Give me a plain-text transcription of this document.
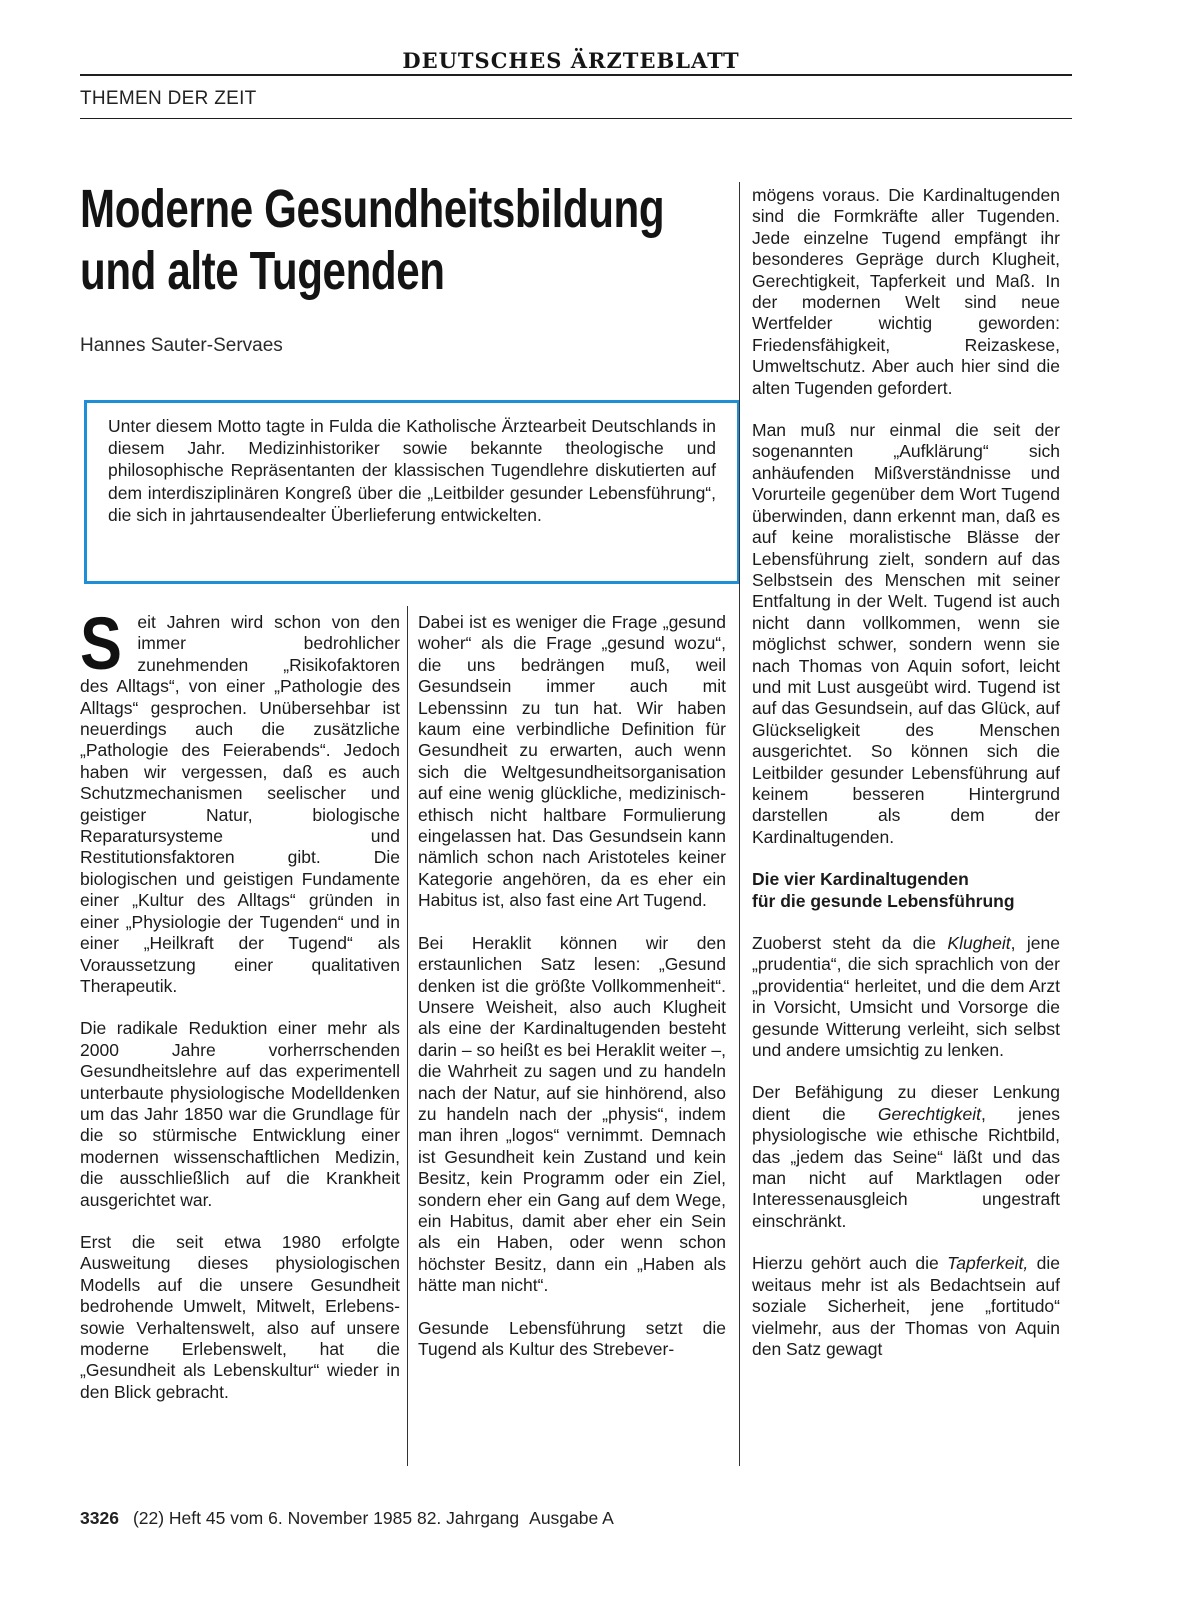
DEUTSCHES ÄRZTEBLATT
THEMEN DER ZEIT
Moderne Gesundheitsbildung
und alte Tugenden
Hannes Sauter-Servaes
Unter diesem Motto tagte in Fulda die Katholische Ärztearbeit Deutschlands in diesem Jahr. Medizinhistoriker sowie bekannte theologische und philosophische Repräsentanten der klassischen Tugendlehre diskutierten auf dem interdisziplinären Kongreß über die „Leitbilder gesunder Lebensführung“, die sich in jahrtausendealter Überlieferung entwickelten.

Seit Jahren wird schon von den immer bedrohlicher zunehmenden „Risikofaktoren des Alltags“, von einer „Pathologie des Alltags“ gesprochen. Unübersehbar ist neuerdings auch die zusätzliche „Pathologie des Feierabends“. Jedoch haben wir vergessen, daß es auch Schutzmechanismen seelischer und geistiger Natur, biologische Reparatursysteme und Restitutionsfaktoren gibt. Die biologischen und geistigen Fundamente einer „Kultur des Alltags“ gründen in einer „Physiologie der Tugenden“ und in einer „Heilkraft der Tugend“ als Voraussetzung einer qualitativen Therapeutik.

Die radikale Reduktion einer mehr als 2000 Jahre vorherrschenden Gesundheitslehre auf das experimentell unterbaute physiologische Modelldenken um das Jahr 1850 war die Grundlage für die so stürmische Entwicklung einer modernen wissenschaftlichen Medizin, die ausschließlich auf die Krankheit ausgerichtet war.

Erst die seit etwa 1980 erfolgte Ausweitung dieses physiologischen Modells auf die unsere Gesundheit bedrohende Umwelt, Mitwelt, Erlebens- sowie Verhaltenswelt, also auf unsere moderne Erlebenswelt, hat die „Gesundheit als Lebenskultur“ wieder in den Blick gebracht.

Dabei ist es weniger die Frage „gesund woher“ als die Frage „gesund wozu“, die uns bedrängen muß, weil Gesundsein immer auch mit Lebenssinn zu tun hat. Wir haben kaum eine verbindliche Definition für Gesundheit zu erwarten, auch wenn sich die Weltgesundheitsorganisation auf eine wenig glückliche, medizinisch-ethisch nicht haltbare Formulierung eingelassen hat. Das Gesundsein kann nämlich schon nach Aristoteles keiner Kategorie angehören, da es eher ein Habitus ist, also fast eine Art Tugend.

Bei Heraklit können wir den erstaunlichen Satz lesen: „Gesund denken ist die größte Vollkommenheit“. Unsere Weisheit, also auch Klugheit als eine der Kardinaltugenden besteht darin – so heißt es bei Heraklit weiter –, die Wahrheit zu sagen und zu handeln nach der Natur, auf sie hinhörend, also zu handeln nach der „physis“, indem man ihren „logos“ vernimmt. Demnach ist Gesundheit kein Zustand und kein Besitz, kein Programm oder ein Ziel, sondern eher ein Gang auf dem Wege, ein Habitus, damit aber eher ein Sein als ein Haben, oder wenn schon höchster Besitz, dann ein „Haben als hätte man nicht“.

Gesunde Lebensführung setzt die Tugend als Kultur des Strebever-

mögens voraus. Die Kardinaltugenden sind die Formkräfte aller Tugenden. Jede einzelne Tugend empfängt ihr besonderes Gepräge durch Klugheit, Gerechtigkeit, Tapferkeit und Maß. In der modernen Welt sind neue Wertfelder wichtig geworden: Friedensfähigkeit, Reizaskese, Umweltschutz. Aber auch hier sind die alten Tugenden gefordert.

Man muß nur einmal die seit der sogenannten „Aufklärung“ sich anhäufenden Mißverständnisse und Vorurteile gegenüber dem Wort Tugend überwinden, dann erkennt man, daß es auf keine moralistische Blässe der Lebensführung zielt, sondern auf das Selbstsein des Menschen mit seiner Entfaltung in der Welt. Tugend ist auch nicht dann vollkommen, wenn sie möglichst schwer, sondern wenn sie nach Thomas von Aquin sofort, leicht und mit Lust ausgeübt wird. Tugend ist auf das Gesundsein, auf das Glück, auf Glückseligkeit des Menschen ausgerichtet. So können sich die Leitbilder gesunder Lebensführung auf keinem besseren Hintergrund darstellen als dem der Kardinaltugenden.

Die vier Kardinaltugenden
für die gesunde Lebensführung

Zuoberst steht da die Klugheit, jene „prudentia“, die sich sprachlich von der „providentia“ herleitet, und die dem Arzt in Vorsicht, Umsicht und Vorsorge die gesunde Witterung verleiht, sich selbst und andere umsichtig zu lenken.

Der Befähigung zu dieser Lenkung dient die Gerechtigkeit, jenes physiologische wie ethische Richtbild, das „jedem das Seine“ läßt und das man nicht auf Marktlagen oder Interessenausgleich ungestraft einschränkt.

Hierzu gehört auch die Tapferkeit, die weitaus mehr ist als Bedachtsein auf soziale Sicherheit, jene „fortitudo“ vielmehr, aus der Thomas von Aquin den Satz gewagt

3326 (22) Heft 45 vom 6. November 1985 82. Jahrgang Ausgabe A
